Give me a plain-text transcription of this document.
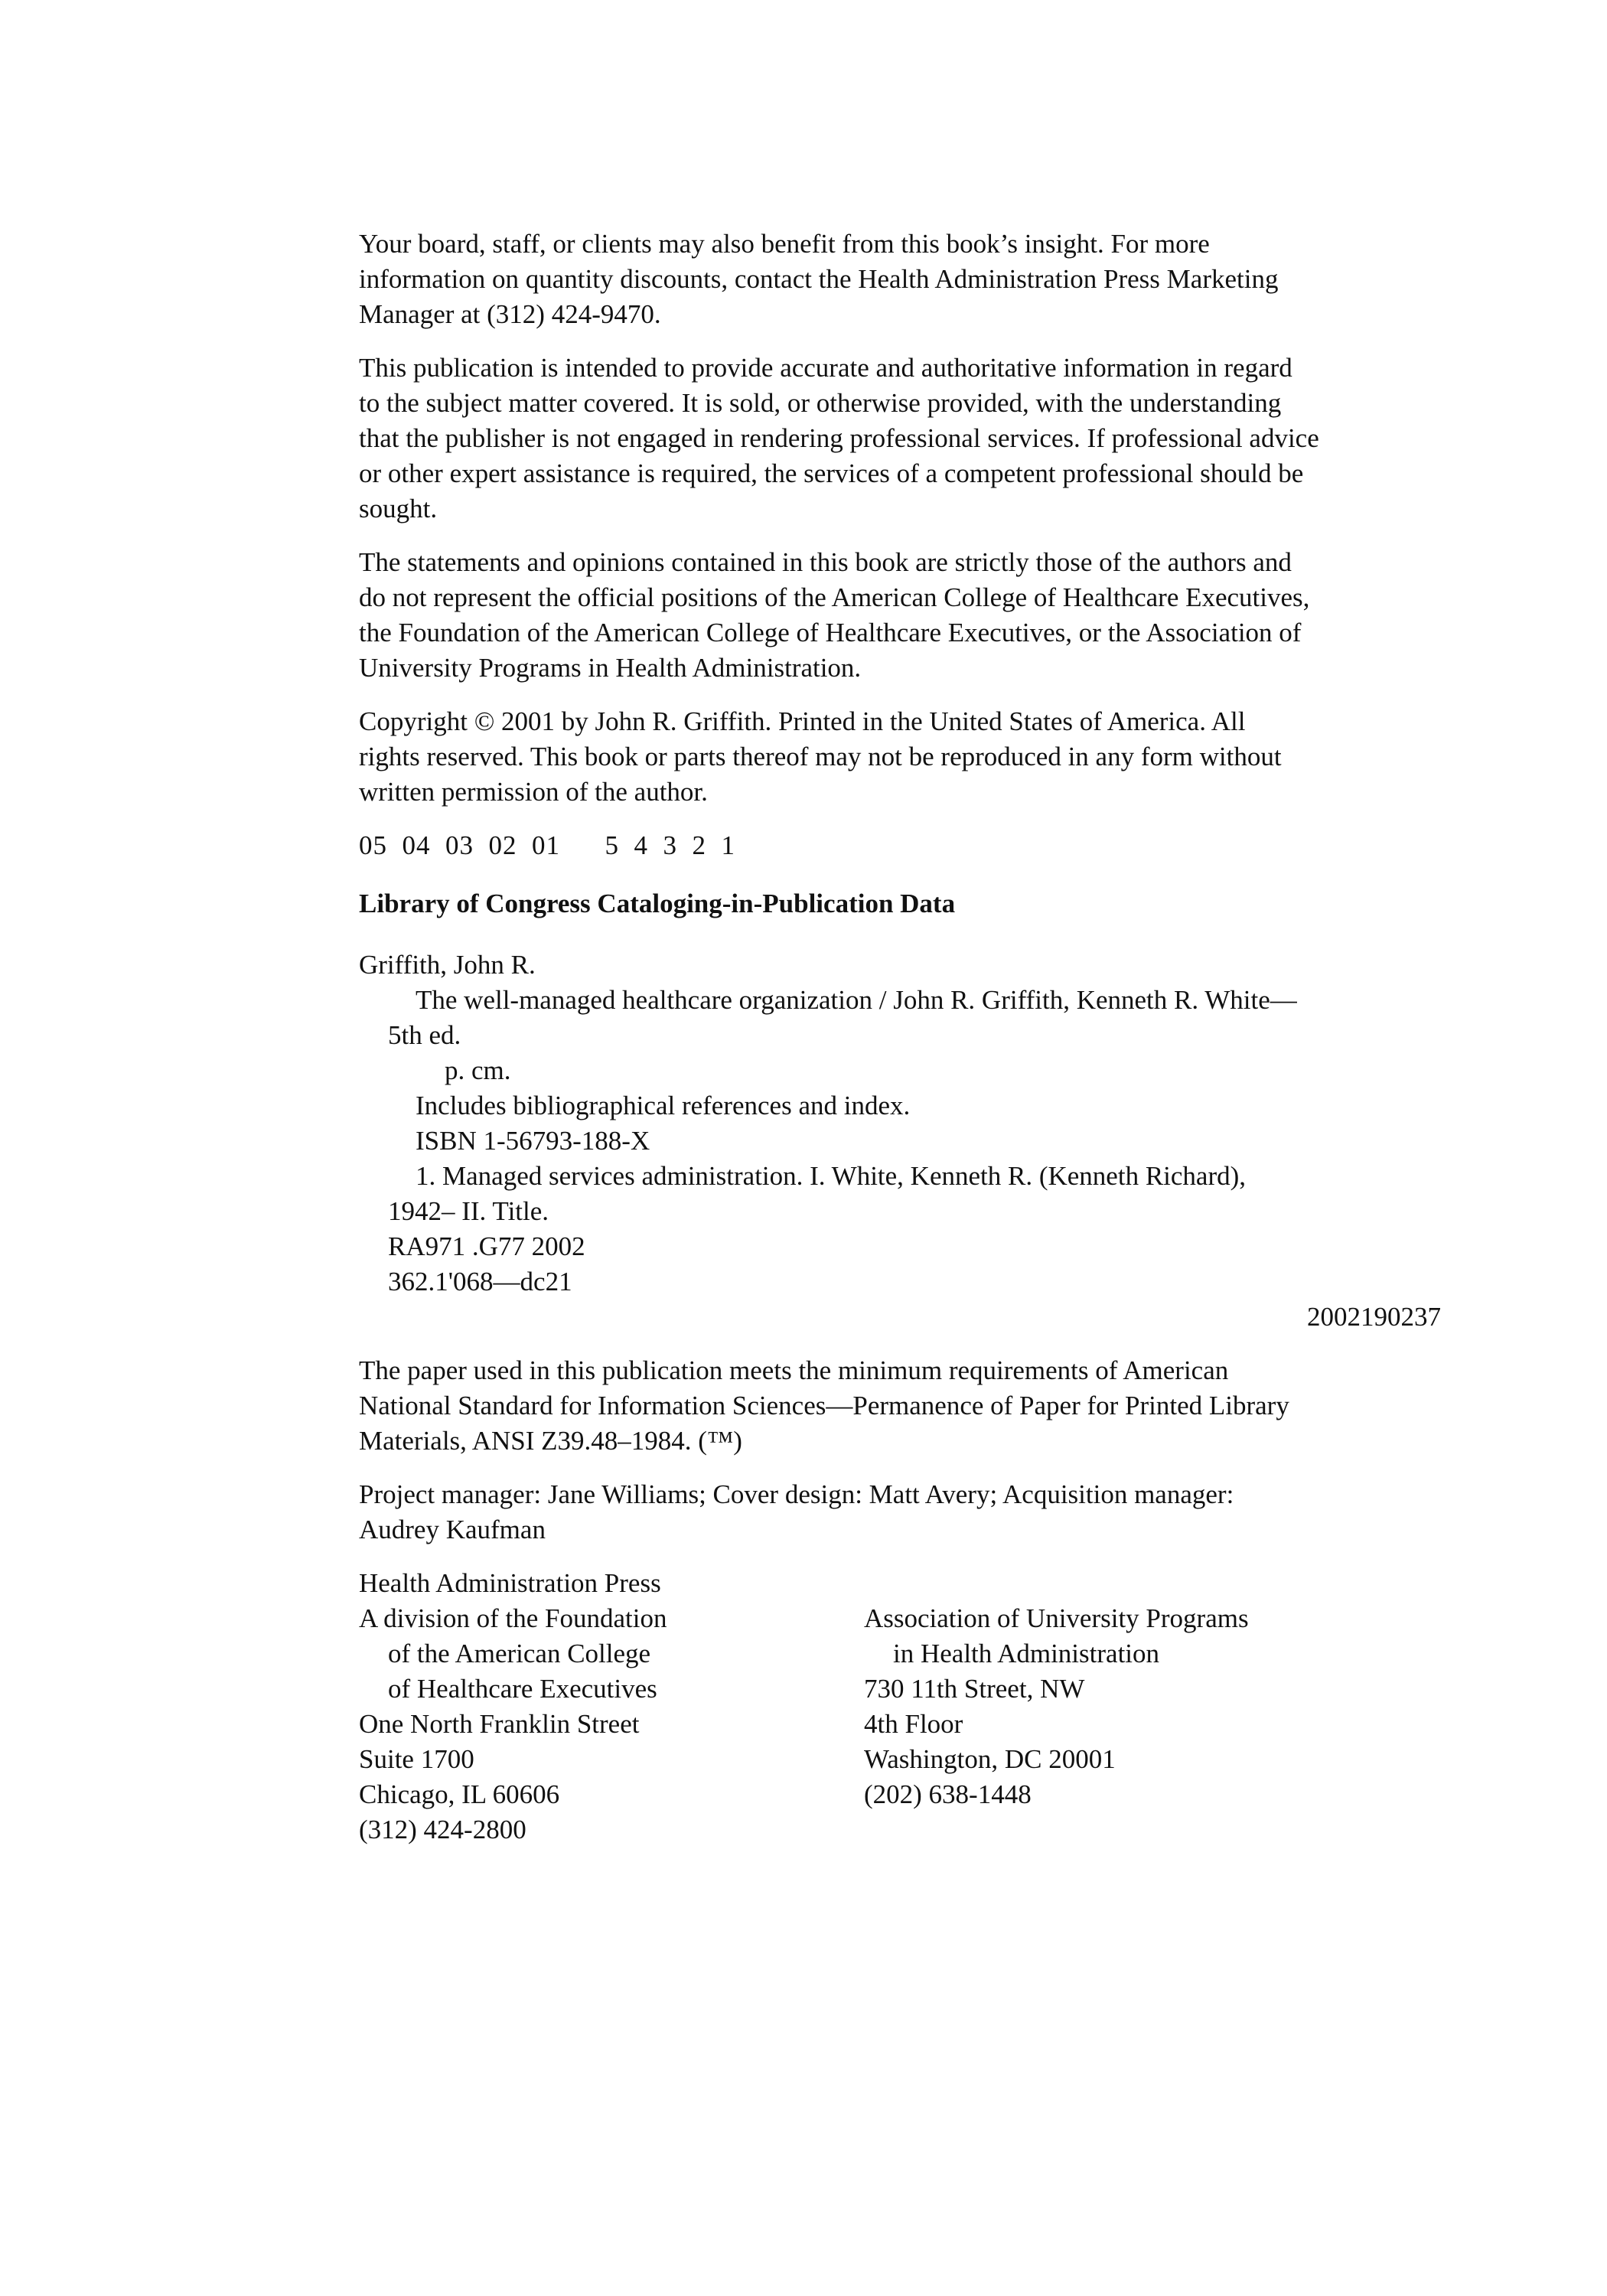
Your board, staff, or clients may also benefit from this book’s insight. For more
information on quantity discounts, contact the Health Administration Press Marketing
Manager at (312) 424-9470.

This publication is intended to provide accurate and authoritative information in regard
to the subject matter covered. It is sold, or otherwise provided, with the understanding
that the publisher is not engaged in rendering professional services. If professional advice
or other expert assistance is required, the services of a competent professional should be
sought.

The statements and opinions contained in this book are strictly those of the authors and
do not represent the official positions of the American College of Healthcare Executives,
the Foundation of the American College of Healthcare Executives, or the Association of
University Programs in Health Administration.

Copyright © 2001 by John R. Griffith. Printed in the United States of America. All
rights reserved. This book or parts thereof may not be reproduced in any form without
written permission of the author.

05  04  03  02  01      5  4  3  2  1
Library of Congress Cataloging-in-Publication Data
Griffith, John R.
The well-managed healthcare organization / John R. Griffith, Kenneth R. White—
5th ed.
p. cm.
Includes bibliographical references and index.
ISBN 1-56793-188-X
1. Managed services administration. I. White, Kenneth R. (Kenneth Richard),
1942– II. Title.
RA971 .G77 2002
362.1'068—dc21
2002190237

The paper used in this publication meets the minimum requirements of American
National Standard for Information Sciences—Permanence of Paper for Printed Library
Materials, ANSI Z39.48–1984. (™)

Project manager: Jane Williams; Cover design: Matt Avery; Acquisition manager:
Audrey Kaufman

Health Administration Press
A division of the Foundation
of the American College
of Healthcare Executives
One North Franklin Street
Suite 1700
Chicago, IL 60606
(312) 424-2800
Association of University Programs
in Health Administration
730 11th Street, NW
4th Floor
Washington, DC 20001
(202) 638-1448
